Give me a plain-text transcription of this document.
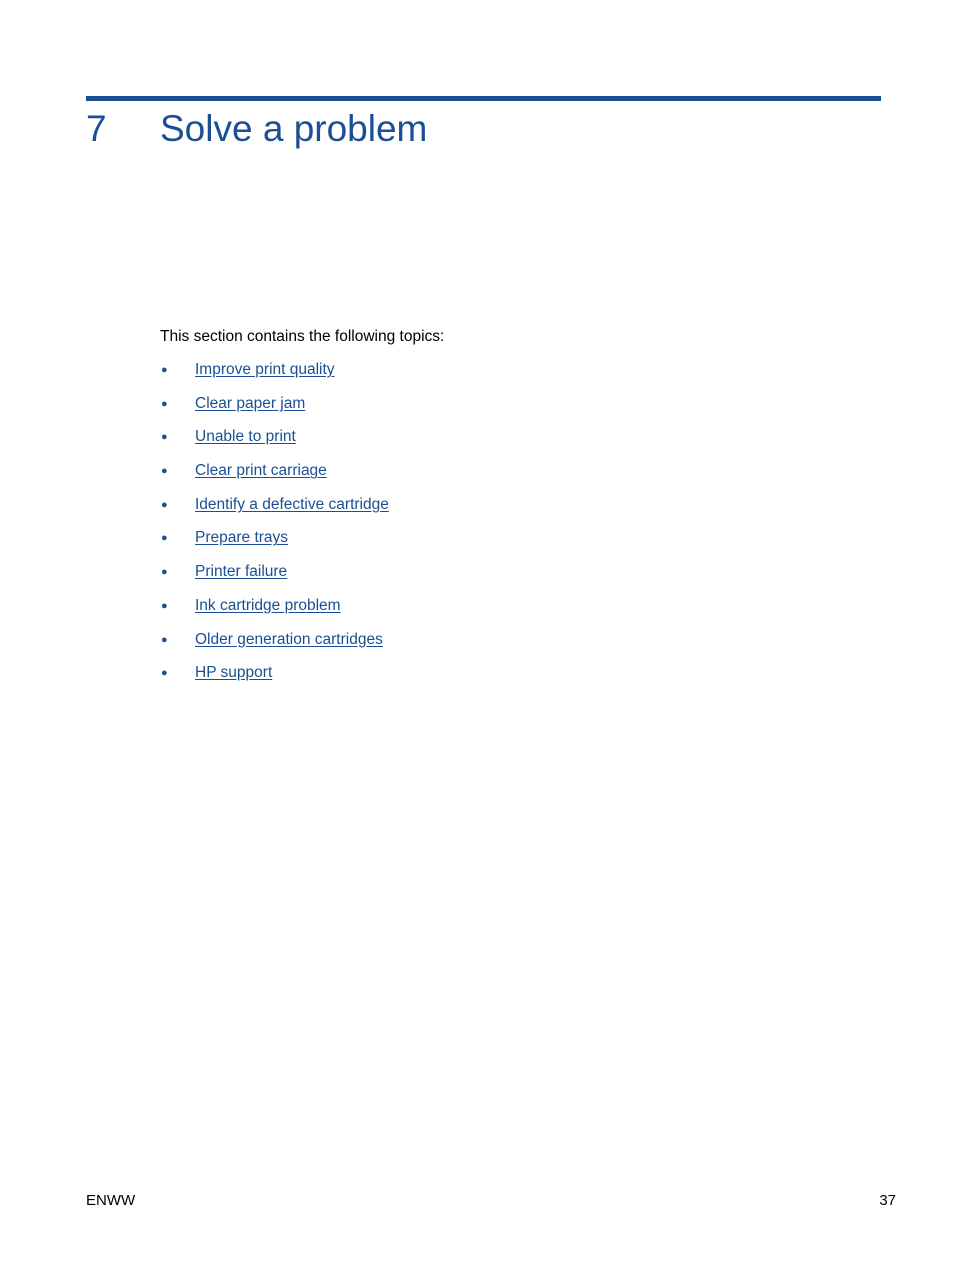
7 Solve a problem

This section contains the following topics:

●	Improve print quality
●	Clear paper jam
●	Unable to print
●	Clear print carriage
●	Identify a defective cartridge
●	Prepare trays
●	Printer failure
●	Ink cartridge problem
●	Older generation cartridges
●	HP support
ENWW	37
